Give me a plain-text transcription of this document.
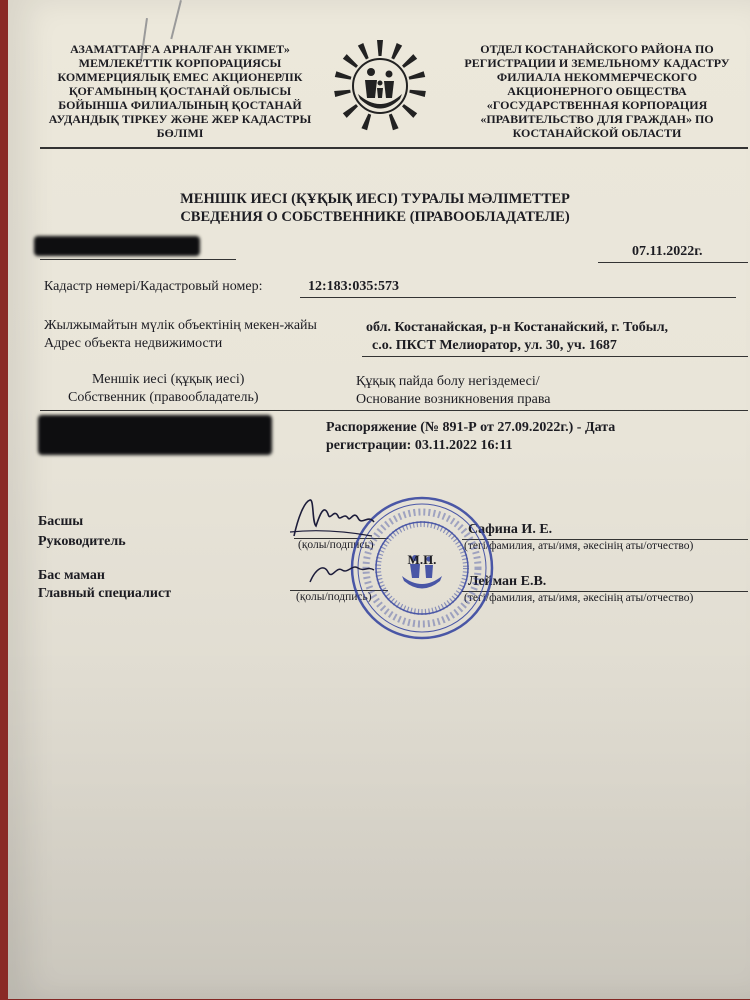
АЗАМАТТАРҒА АРНАЛҒАН ҮКІМЕТ»
МЕМЛЕКЕТТІК КОРПОРАЦИЯСЫ
КОММЕРЦИЯЛЫҚ ЕМЕС АКЦИОНЕРЛІК
ҚОҒАМЫНЫҢ ҚОСТАНАЙ ОБЛЫСЫ
БОЙЫНША ФИЛИАЛЫНЫҢ ҚОСТАНАЙ
АУДАНДЫҚ ТІРКЕУ ЖӘНЕ ЖЕР КАДАСТРЫ
БӨЛІМІ
ОТДЕЛ КОСТАНАЙСКОГО РАЙОНА ПО
РЕГИСТРАЦИИ И ЗЕМЕЛЬНОМУ КАДАСТРУ
ФИЛИАЛА НЕКОММЕРЧЕСКОГО
АКЦИОНЕРНОГО ОБЩЕСТВА
«ГОСУДАРСТВЕННАЯ КОРПОРАЦИЯ
«ПРАВИТЕЛЬСТВО ДЛЯ ГРАЖДАН» ПО
КОСТАНАЙСКОЙ ОБЛАСТИ
МЕНШІК ИЕСІ (ҚҰҚЫҚ ИЕСІ) ТУРАЛЫ МӘЛІМЕТТЕР
СВЕДЕНИЯ О СОБСТВЕННИКЕ (ПРАВООБЛАДАТЕЛЕ)
07.11.2022г.
Кадастр нөмері/Кадастровый номер:	12:183:035:573
Жылжымайтын мүлік объектінің мекен-жайы
Адрес объекта недвижимости
обл. Костанайская, р-н Костанайский, г. Тобыл,
с.о. ПКСТ Мелиоратор, ул. 30, уч. 1687
Меншік иесі (құқық иесі)
Собственник (правообладатель)
Құқық пайда болу негіздемесі/
Основание возникновения права
Распоряжение (№ 891-Р от 27.09.2022г.) - Дата
регистрации: 03.11.2022 16:11
Басшы
Руководитель	(қолы/подпись)
Сафина И. Е.
(тегі/фамилия, аты/имя, әкесінің аты/отчество)
Бас маман
Главный специалист	(қолы/подпись)
Лейман Е.В.
(тегі/фамилия, аты/имя, әкесінің аты/отчество)
М.П.
